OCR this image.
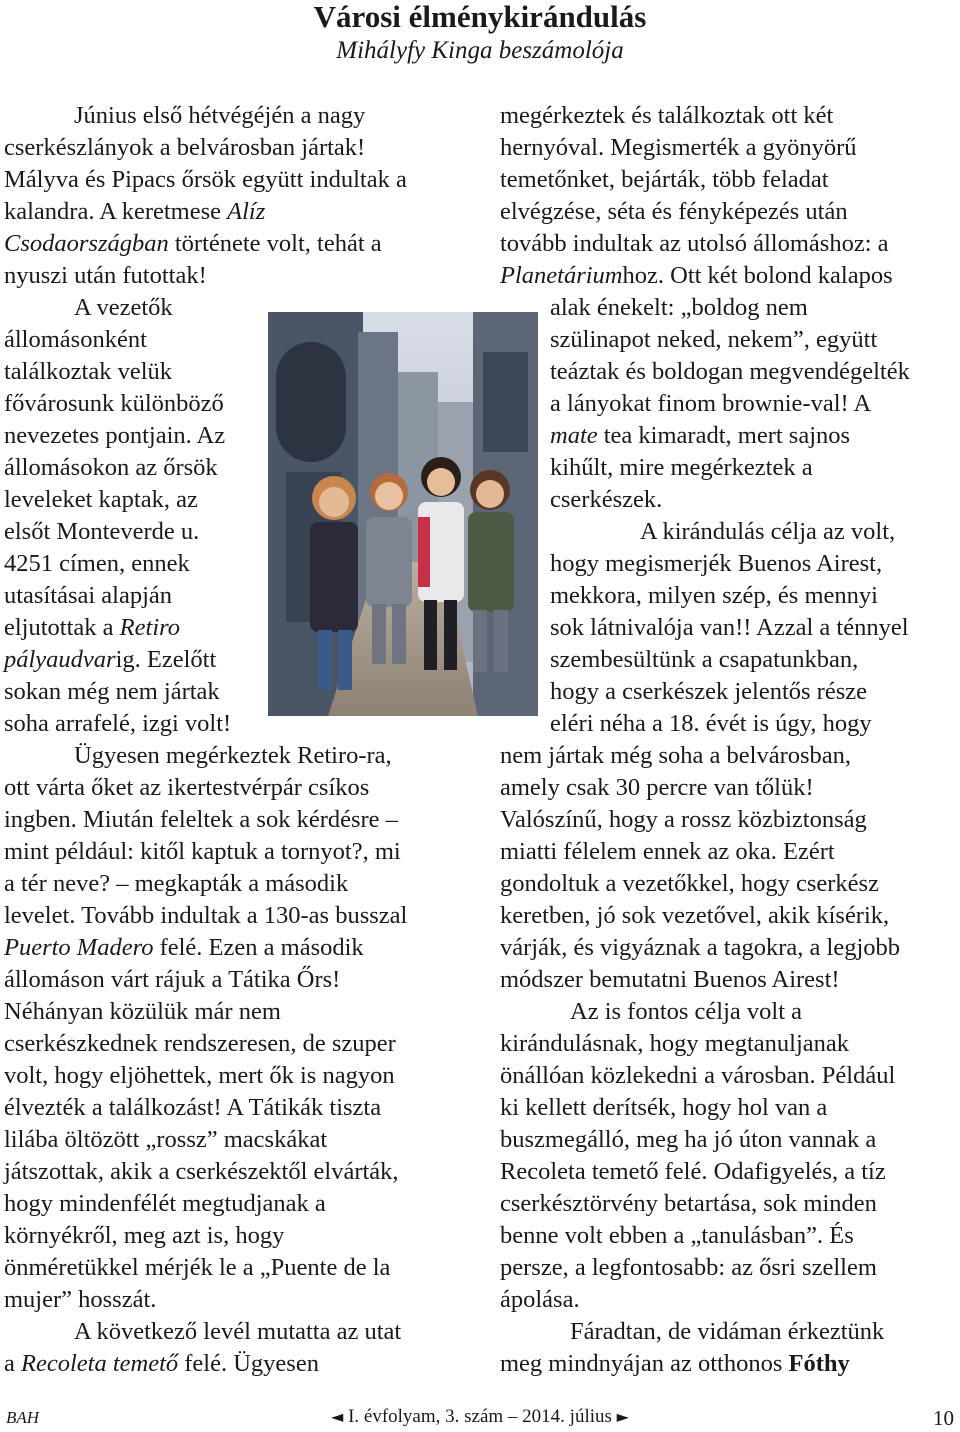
Városi élménykirándulás
Mihályfy Kinga beszámolója
Június első hétvégéjén a nagy
cserkészlányok a belvárosban jártak!
Mályva és Pipacs őrsök együtt indultak a
kalandra. A keretmese Alíz
Csodaországban története volt, tehát a
nyuszi után futottak!
A vezetők
állomásonként
találkoztak velük
fővárosunk különböző
nevezetes pontjain. Az
állomásokon az őrsök
leveleket kaptak, az
elsőt Monteverde u.
4251 címen, ennek
utasításai alapján
eljutottak a Retiro
pályaudvarig. Ezelőtt
sokan még nem jártak
soha arrafelé, izgi volt!
Ügyesen megérkeztek Retiro-ra,
ott várta őket az ikertestvérpár csíkos
ingben. Miután feleltek a sok kérdésre –
mint például: kitől kaptuk a tornyot?, mi
a tér neve? – megkapták a második
levelet. Tovább indultak a 130-as busszal
Puerto Madero felé. Ezen a második
állomáson várt rájuk a Tátika Őrs!
Néhányan közülük már nem
cserkészkednek rendszeresen, de szuper
volt, hogy eljöhettek, mert ők is nagyon
élvezték a találkozást! A Tátikák tiszta
lilába öltözött „rossz” macskákat
játszottak, akik a cserkészektől elvárták,
hogy mindenfélét megtudjanak a
környékről, meg azt is, hogy
önméretükkel mérjék le a „Puente de la
mujer” hosszát.
A következő levél mutatta az utat
a Recoleta temető felé. Ügyesen
megérkeztek és találkoztak ott két
hernyóval. Megismerték a gyönyörű
temetőnket, bejárták, több feladat
elvégzése, séta és fényképezés után
tovább indultak az utolsó állomáshoz: a
Planetáriumhoz. Ott két bolond kalapos
alak énekelt: „boldog nem
szülinapot neked, nekem”, együtt
teáztak és boldogan megvendégelték
a lányokat finom brownie-val! A
mate tea kimaradt, mert sajnos
kihűlt, mire megérkeztek a
cserkészek.
A kirándulás célja az volt,
hogy megismerjék Buenos Airest,
mekkora, milyen szép, és mennyi
sok látnivalója van!! Azzal a ténnyel
szembesültünk a csapatunkban,
hogy a cserkészek jelentős része
eléri néha a 18. évét is úgy, hogy
nem jártak még soha a belvárosban,
amely csak 30 percre van tőlük!
Valószínű, hogy a rossz közbiztonság
miatti félelem ennek az oka. Ezért
gondoltuk a vezetőkkel, hogy cserkész
keretben, jó sok vezetővel, akik kísérik,
várják, és vigyáznak a tagokra, a legjobb
módszer bemutatni Buenos Airest!
Az is fontos célja volt a
kirándulásnak, hogy megtanuljanak
önállóan közlekedni a városban. Például
ki kellett derítsék, hogy hol van a
buszmegálló, meg ha jó úton vannak a
Recoleta temető felé. Odafigyelés, a tíz
cserkésztörvény betartása, sok minden
benne volt ebben a „tanulásban”. És
persze, a legfontosabb: az ősri szellem
ápolása.
Fáradtan, de vidáman érkeztünk
meg mindnyájan az otthonos Fóthy
BAH	◄ I. évfolyam, 3. szám – 2014. július ►	10
